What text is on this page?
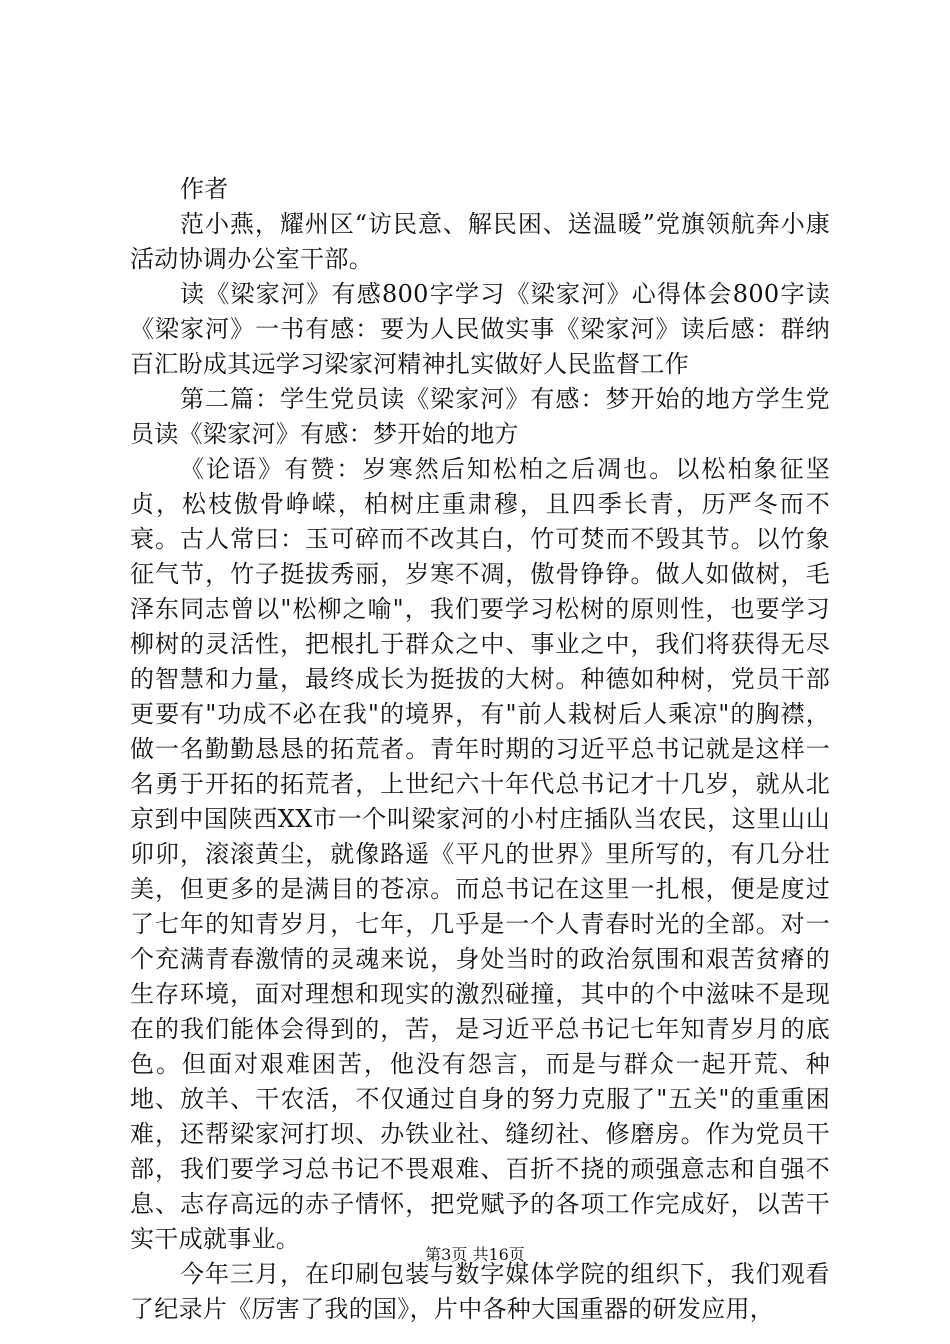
作者

范小燕，耀州区“访民意、解民困、送温暖”党旗领航奔小康活动协调办公室干部。

读《梁家河》有感800字学习《梁家河》心得体会800字读《梁家河》一书有感：要为人民做实事《梁家河》读后感：群纳百汇盼成其远学习梁家河精神扎实做好人民监督工作

第二篇：学生党员读《梁家河》有感：梦开始的地方学生党员读《梁家河》有感：梦开始的地方

《论语》有赞：岁寒然后知松柏之后凋也。以松柏象征坚贞，松枝傲骨峥嵘，柏树庄重肃穆，且四季长青，历严冬而不衰。古人常曰：玉可碎而不改其白，竹可焚而不毁其节。以竹象征气节，竹子挺拔秀丽，岁寒不凋，傲骨铮铮。做人如做树，毛泽东同志曾以"松柳之喻"，我们要学习松树的原则性，也要学习柳树的灵活性，把根扎于群众之中、事业之中，我们将获得无尽的智慧和力量，最终成长为挺拔的大树。种德如种树，党员干部更要有"功成不必在我"的境界，有"前人栽树后人乘凉"的胸襟，做一名勤勤恳恳的拓荒者。青年时期的习近平总书记就是这样一名勇于开拓的拓荒者，上世纪六十年代总书记才十几岁，就从北京到中国陕西XX市一个叫梁家河的小村庄插队当农民，这里山山卯卯，滚滚黄尘，就像路遥《平凡的世界》里所写的，有几分壮美，但更多的是满目的苍凉。而总书记在这里一扎根，便是度过了七年的知青岁月，七年，几乎是一个人青春时光的全部。对一个充满青春激情的灵魂来说，身处当时的政治氛围和艰苦贫瘠的生存环境，面对理想和现实的激烈碰撞，其中的个中滋味不是现在的我们能体会得到的，苦，是习近平总书记七年知青岁月的底色。但面对艰难困苦，他没有怨言，而是与群众一起开荒、种地、放羊、干农活，不仅通过自身的努力克服了"五关"的重重困难，还帮梁家河打坝、办铁业社、缝纫社、修磨房。作为党员干部，我们要学习总书记不畏艰难、百折不挠的顽强意志和自强不息、志存高远的赤子情怀，把党赋予的各项工作完成好，以苦干实干成就事业。

今年三月，在印刷包装与数字媒体学院的组织下，我们观看了纪录片《厉害了我的国》，片中各种大国重器的研发应用，

第3页 共16页
